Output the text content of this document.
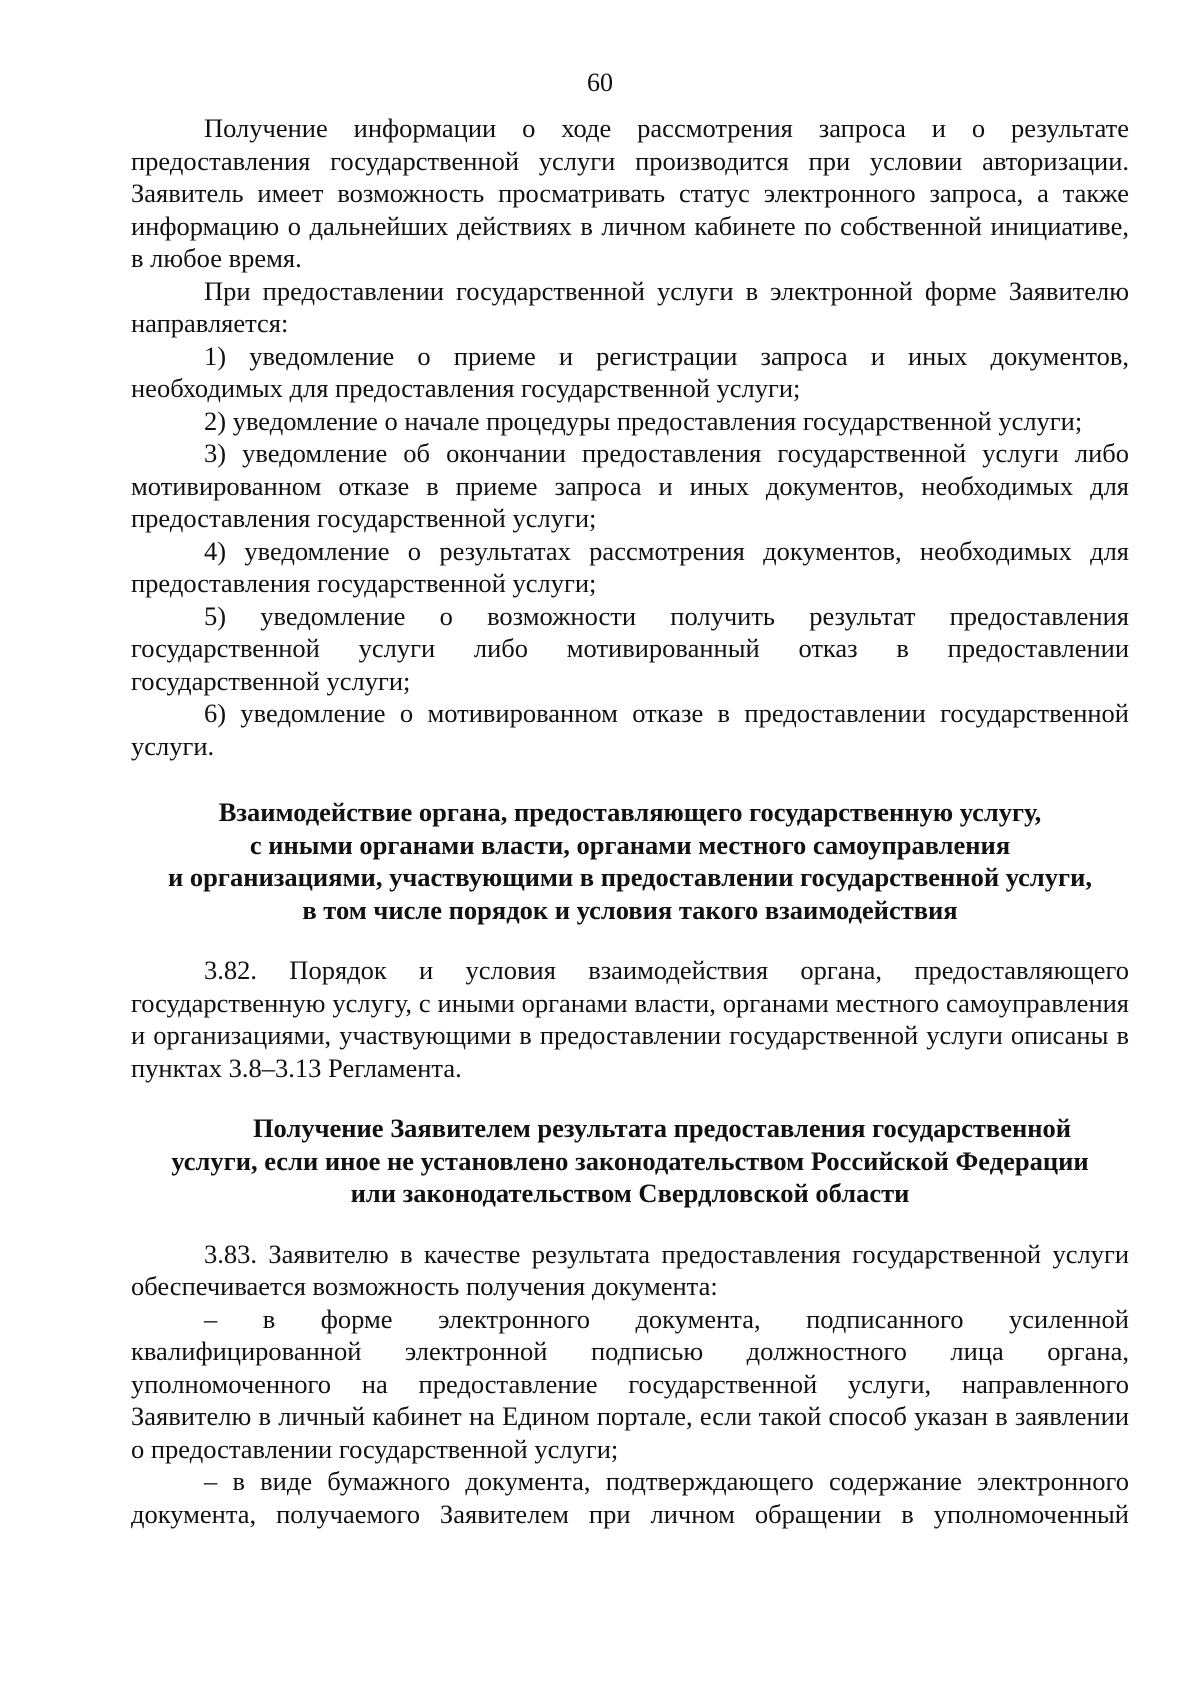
60

Получение информации о ходе рассмотрения запроса и о результате предоставления государственной услуги производится при условии авторизации. Заявитель имеет возможность просматривать статус электронного запроса, а также информацию о дальнейших действиях в личном кабинете по собственной инициативе, в любое время.

При предоставлении государственной услуги в электронной форме Заявителю направляется:

1) уведомление о приеме и регистрации запроса и иных документов, необходимых для предоставления государственной услуги;

2) уведомление о начале процедуры предоставления государственной услуги;

3) уведомление об окончании предоставления государственной услуги либо мотивированном отказе в приеме запроса и иных документов, необходимых для предоставления государственной услуги;

4) уведомление о результатах рассмотрения документов, необходимых для предоставления государственной услуги;

5) уведомление о возможности получить результат предоставления государственной услуги либо мотивированный отказ в предоставлении государственной услуги;

6) уведомление о мотивированном отказе в предоставлении государственной услуги.

Взаимодействие органа, предоставляющего государственную услугу,
с иными органами власти, органами местного самоуправления
и организациями, участвующими в предоставлении государственной услуги,
в том числе порядок и условия такого взаимодействия

3.82. Порядок и условия взаимодействия органа, предоставляющего государственную услугу, с иными органами власти, органами местного самоуправления и организациями, участвующими в предоставлении государственной услуги описаны в пунктах 3.8–3.13 Регламента.

Получение Заявителем результата предоставления государственной
услуги, если иное не установлено законодательством Российской Федерации
или законодательством Свердловской области

3.83. Заявителю в качестве результата предоставления государственной услуги обеспечивается возможность получения документа:

– в форме электронного документа, подписанного усиленной квалифицированной электронной подписью должностного лица органа, уполномоченного на предоставление государственной услуги, направленного Заявителю в личный кабинет на Едином портале, если такой способ указан в заявлении о предоставлении государственной услуги;

– в виде бумажного документа, подтверждающего содержание электронного документа, получаемого Заявителем при личном обращении в уполномоченный
